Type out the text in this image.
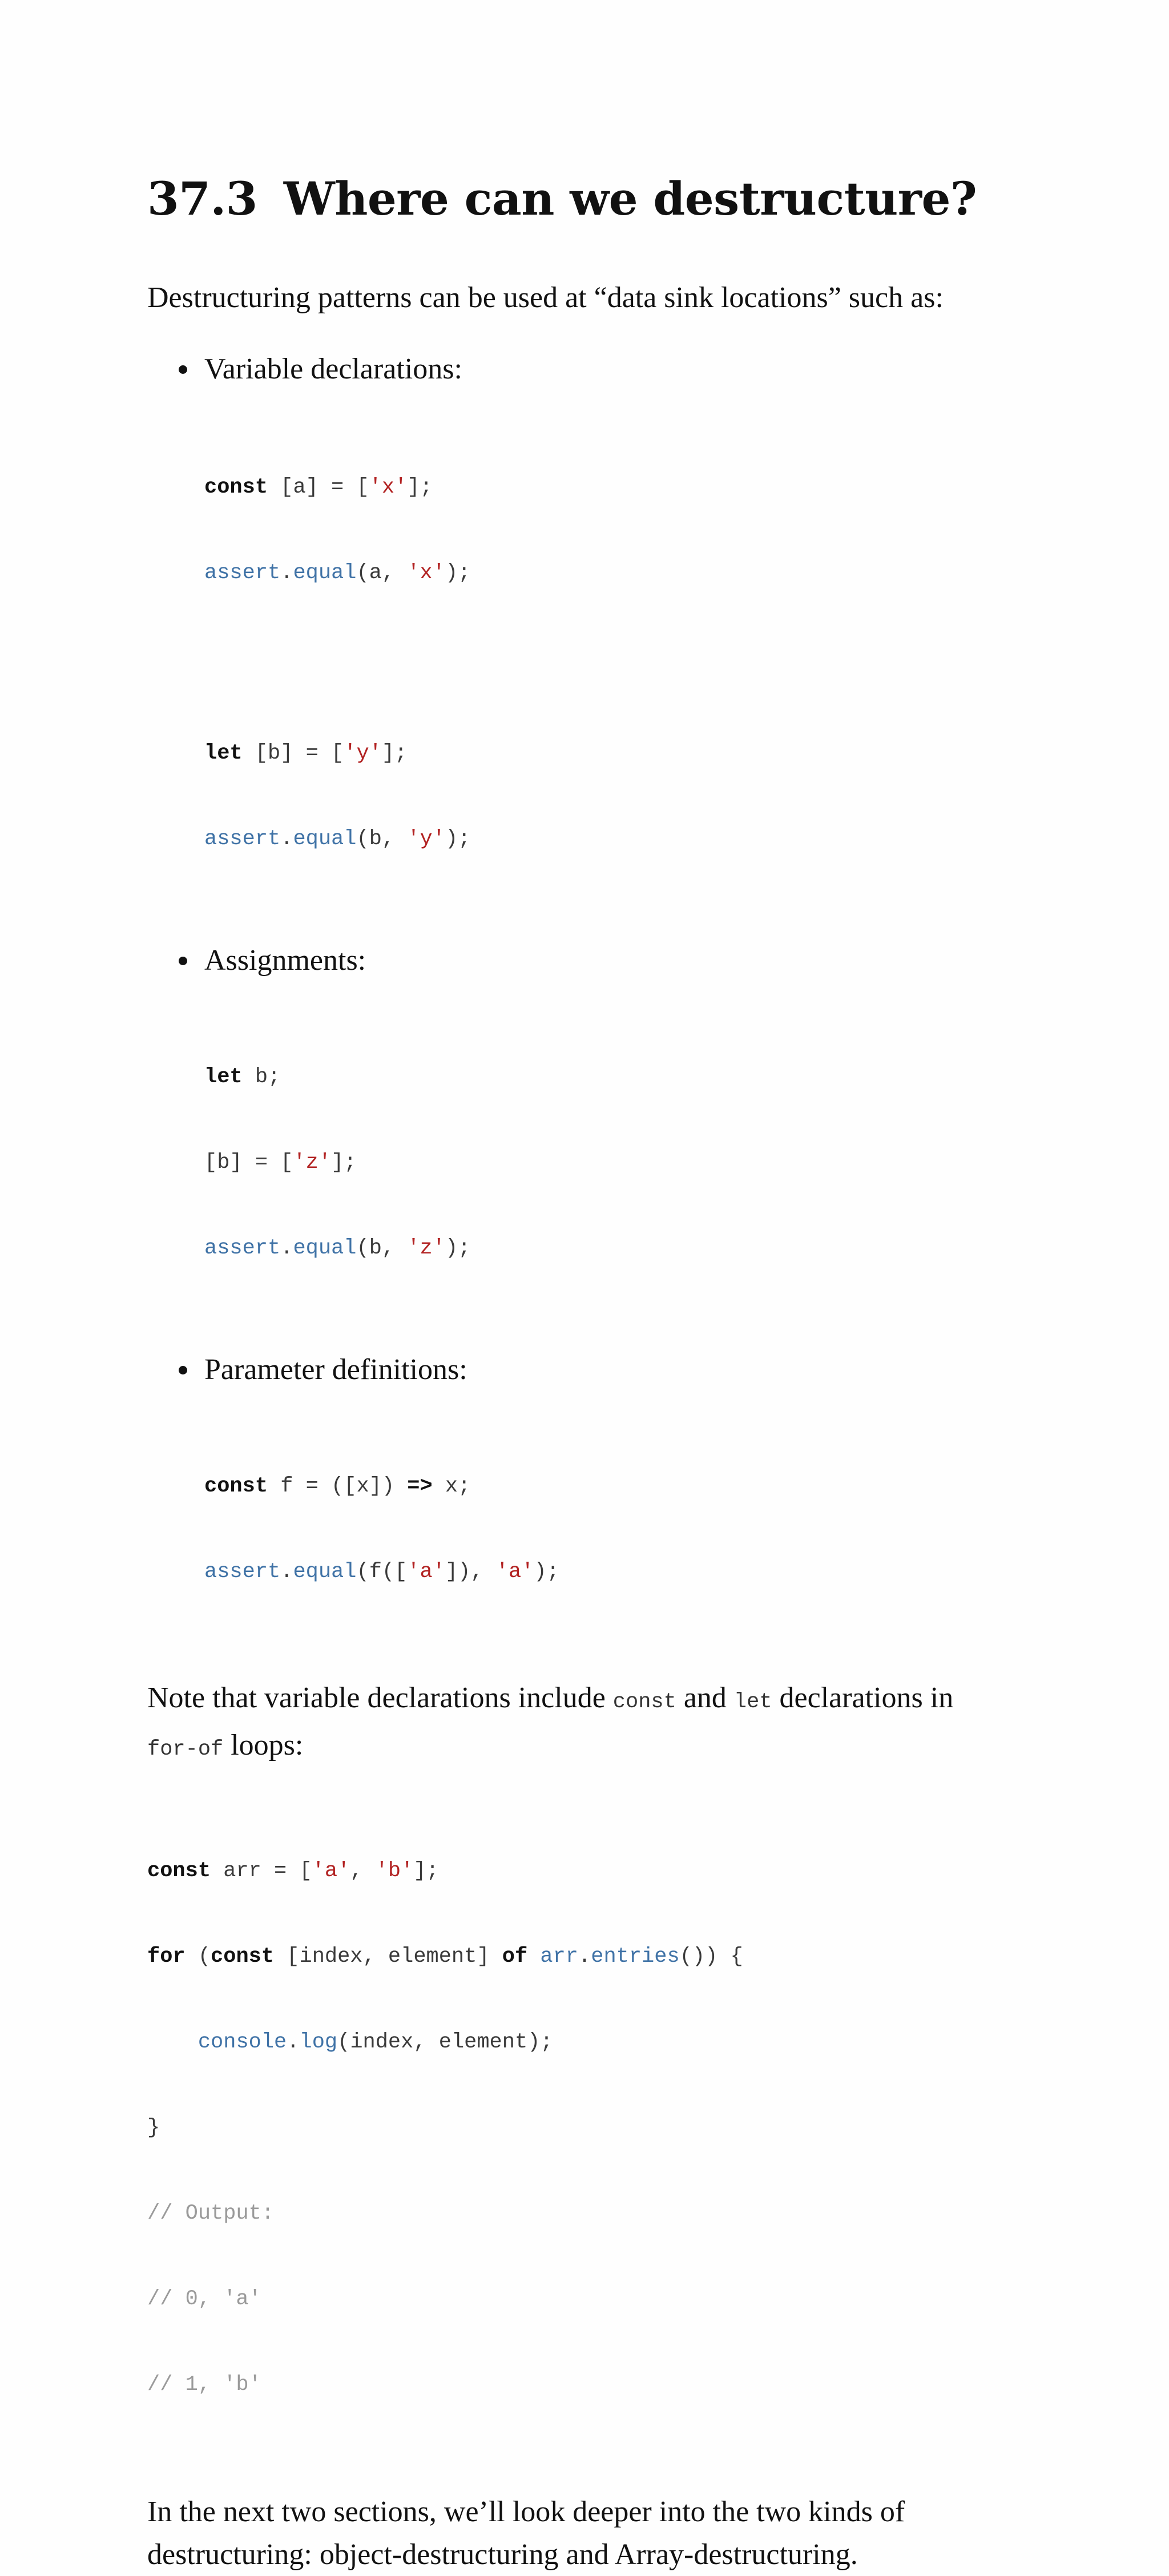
37.3 Where can we destructure?

Destructuring patterns can be used at “data sink locations” such as:

Variable declarations:

const [a] = ['x'];

assert.equal(a, 'x');

let [b] = ['y'];

assert.equal(b, 'y');

Assignments:

let b;

[b] = ['z'];

assert.equal(b, 'z');

Parameter definitions:

const f = ([x]) => x;

assert.equal(f(['a']), 'a');

Note that variable declarations include const and let declarations in
for-of loops:

const arr = ['a', 'b'];

for (const [index, element] of arr.entries()) {

console.log(index, element);

}

// Output:

// 0, 'a'

// 1, 'b'

In the next two sections, we’ll look deeper into the two kinds of destructuring: object-destructuring and Array-destructuring.
